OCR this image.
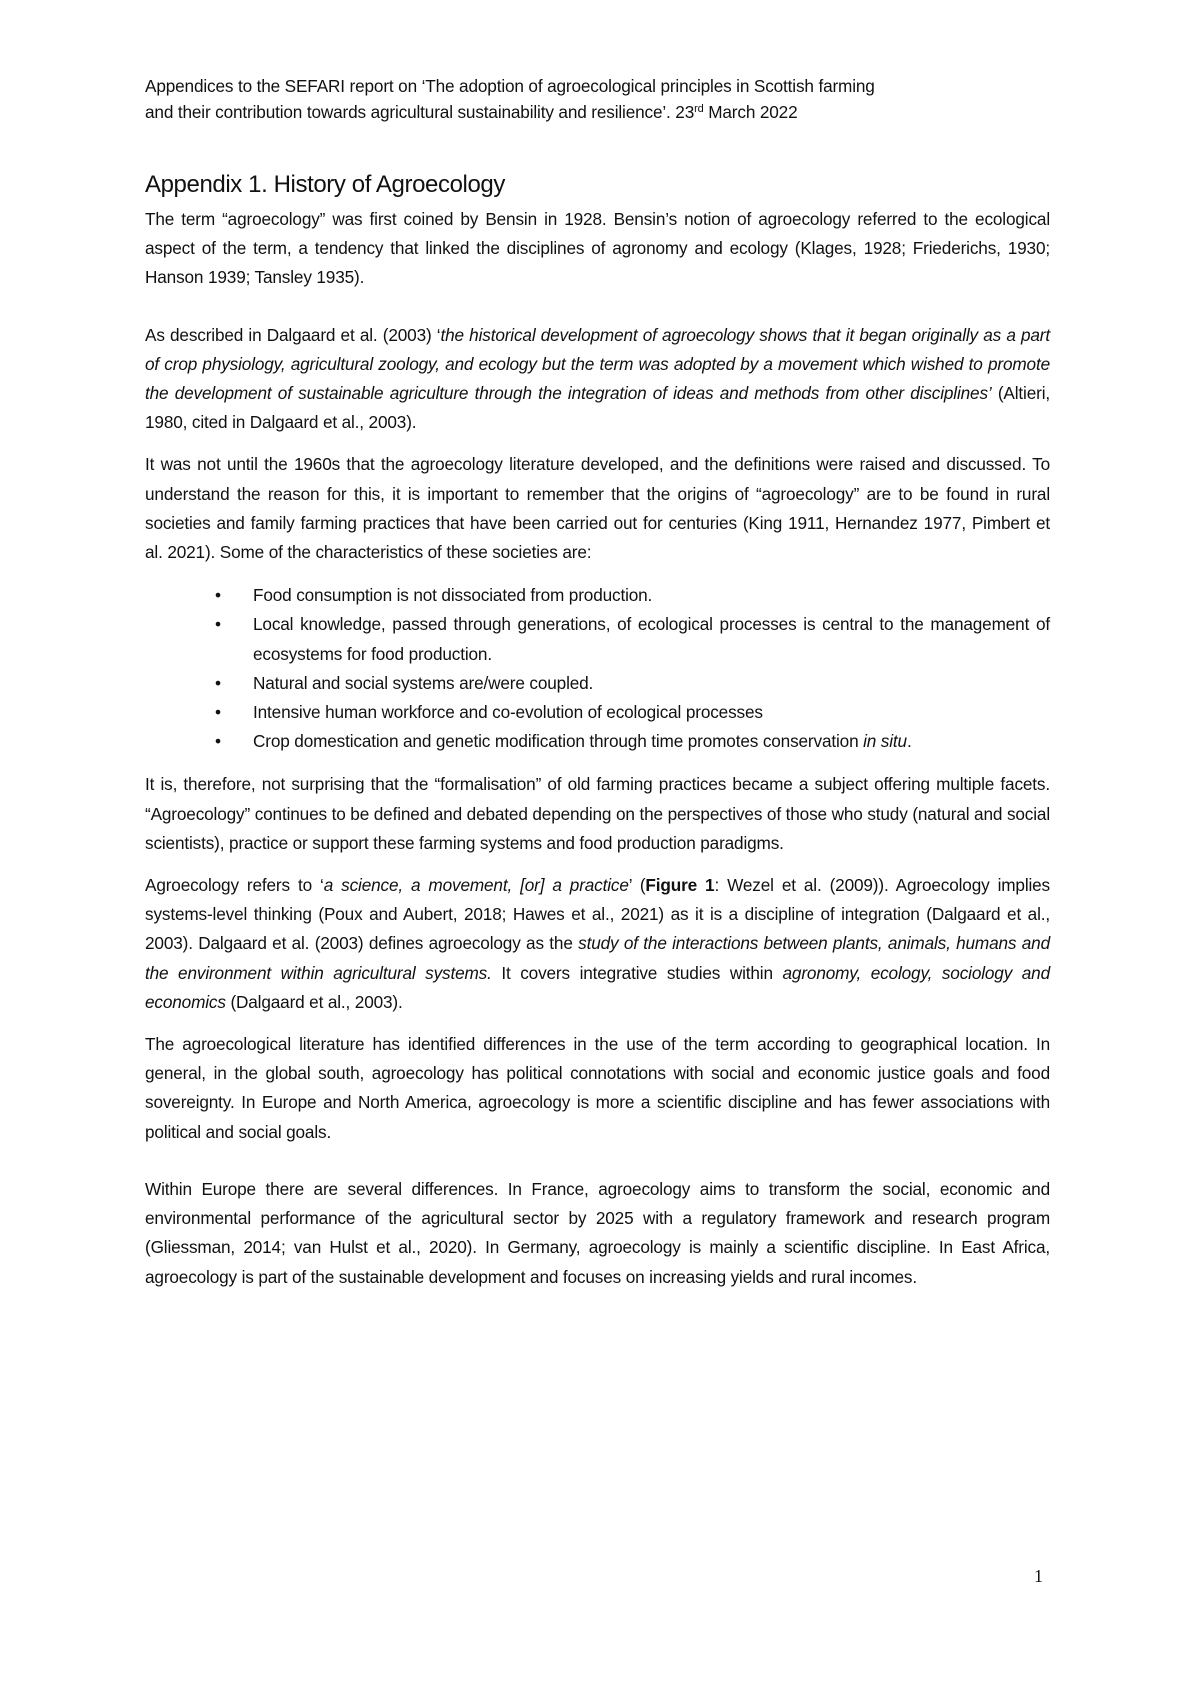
Appendices to the SEFARI report on ‘The adoption of agroecological principles in Scottish farming
and their contribution towards agricultural sustainability and resilience’. 23rd March 2022
Appendix 1. History of Agroecology

The term “agroecology” was first coined by Bensin in 1928. Bensin’s notion of agroecology referred to the ecological aspect of the term, a tendency that linked the disciplines of agronomy and ecology (Klages, 1928; Friederichs, 1930; Hanson 1939; Tansley 1935).

As described in Dalgaard et al. (2003) ‘the historical development of agroecology shows that it began originally as a part of crop physiology, agricultural zoology, and ecology but the term was adopted by a movement which wished to promote the development of sustainable agriculture through the integration of ideas and methods from other disciplines’ (Altieri, 1980, cited in Dalgaard et al., 2003).

It was not until the 1960s that the agroecology literature developed, and the definitions were raised and discussed. To understand the reason for this, it is important to remember that the origins of “agroecology” are to be found in rural societies and family farming practices that have been carried out for centuries (King 1911, Hernandez 1977, Pimbert et al. 2021). Some of the characteristics of these societies are:

• Food consumption is not dissociated from production.
• Local knowledge, passed through generations, of ecological processes is central to the management of ecosystems for food production.
• Natural and social systems are/were coupled.
• Intensive human workforce and co-evolution of ecological processes
• Crop domestication and genetic modification through time promotes conservation in situ.

It is, therefore, not surprising that the “formalisation” of old farming practices became a subject offering multiple facets. “Agroecology” continues to be defined and debated depending on the perspectives of those who study (natural and social scientists), practice or support these farming systems and food production paradigms.

Agroecology refers to ‘a science, a movement, [or] a practice’ (Figure 1: Wezel et al. (2009)). Agroecology implies systems-level thinking (Poux and Aubert, 2018; Hawes et al., 2021) as it is a discipline of integration (Dalgaard et al., 2003). Dalgaard et al. (2003) defines agroecology as the study of the interactions between plants, animals, humans and the environment within agricultural systems. It covers integrative studies within agronomy, ecology, sociology and economics (Dalgaard et al., 2003).

The agroecological literature has identified differences in the use of the term according to geographical location. In general, in the global south, agroecology has political connotations with social and economic justice goals and food sovereignty. In Europe and North America, agroecology is more a scientific discipline and has fewer associations with political and social goals.

Within Europe there are several differences. In France, agroecology aims to transform the social, economic and environmental performance of the agricultural sector by 2025 with a regulatory framework and research program (Gliessman, 2014; van Hulst et al., 2020). In Germany, agroecology is mainly a scientific discipline. In East Africa, agroecology is part of the sustainable development and focuses on increasing yields and rural incomes.

1
